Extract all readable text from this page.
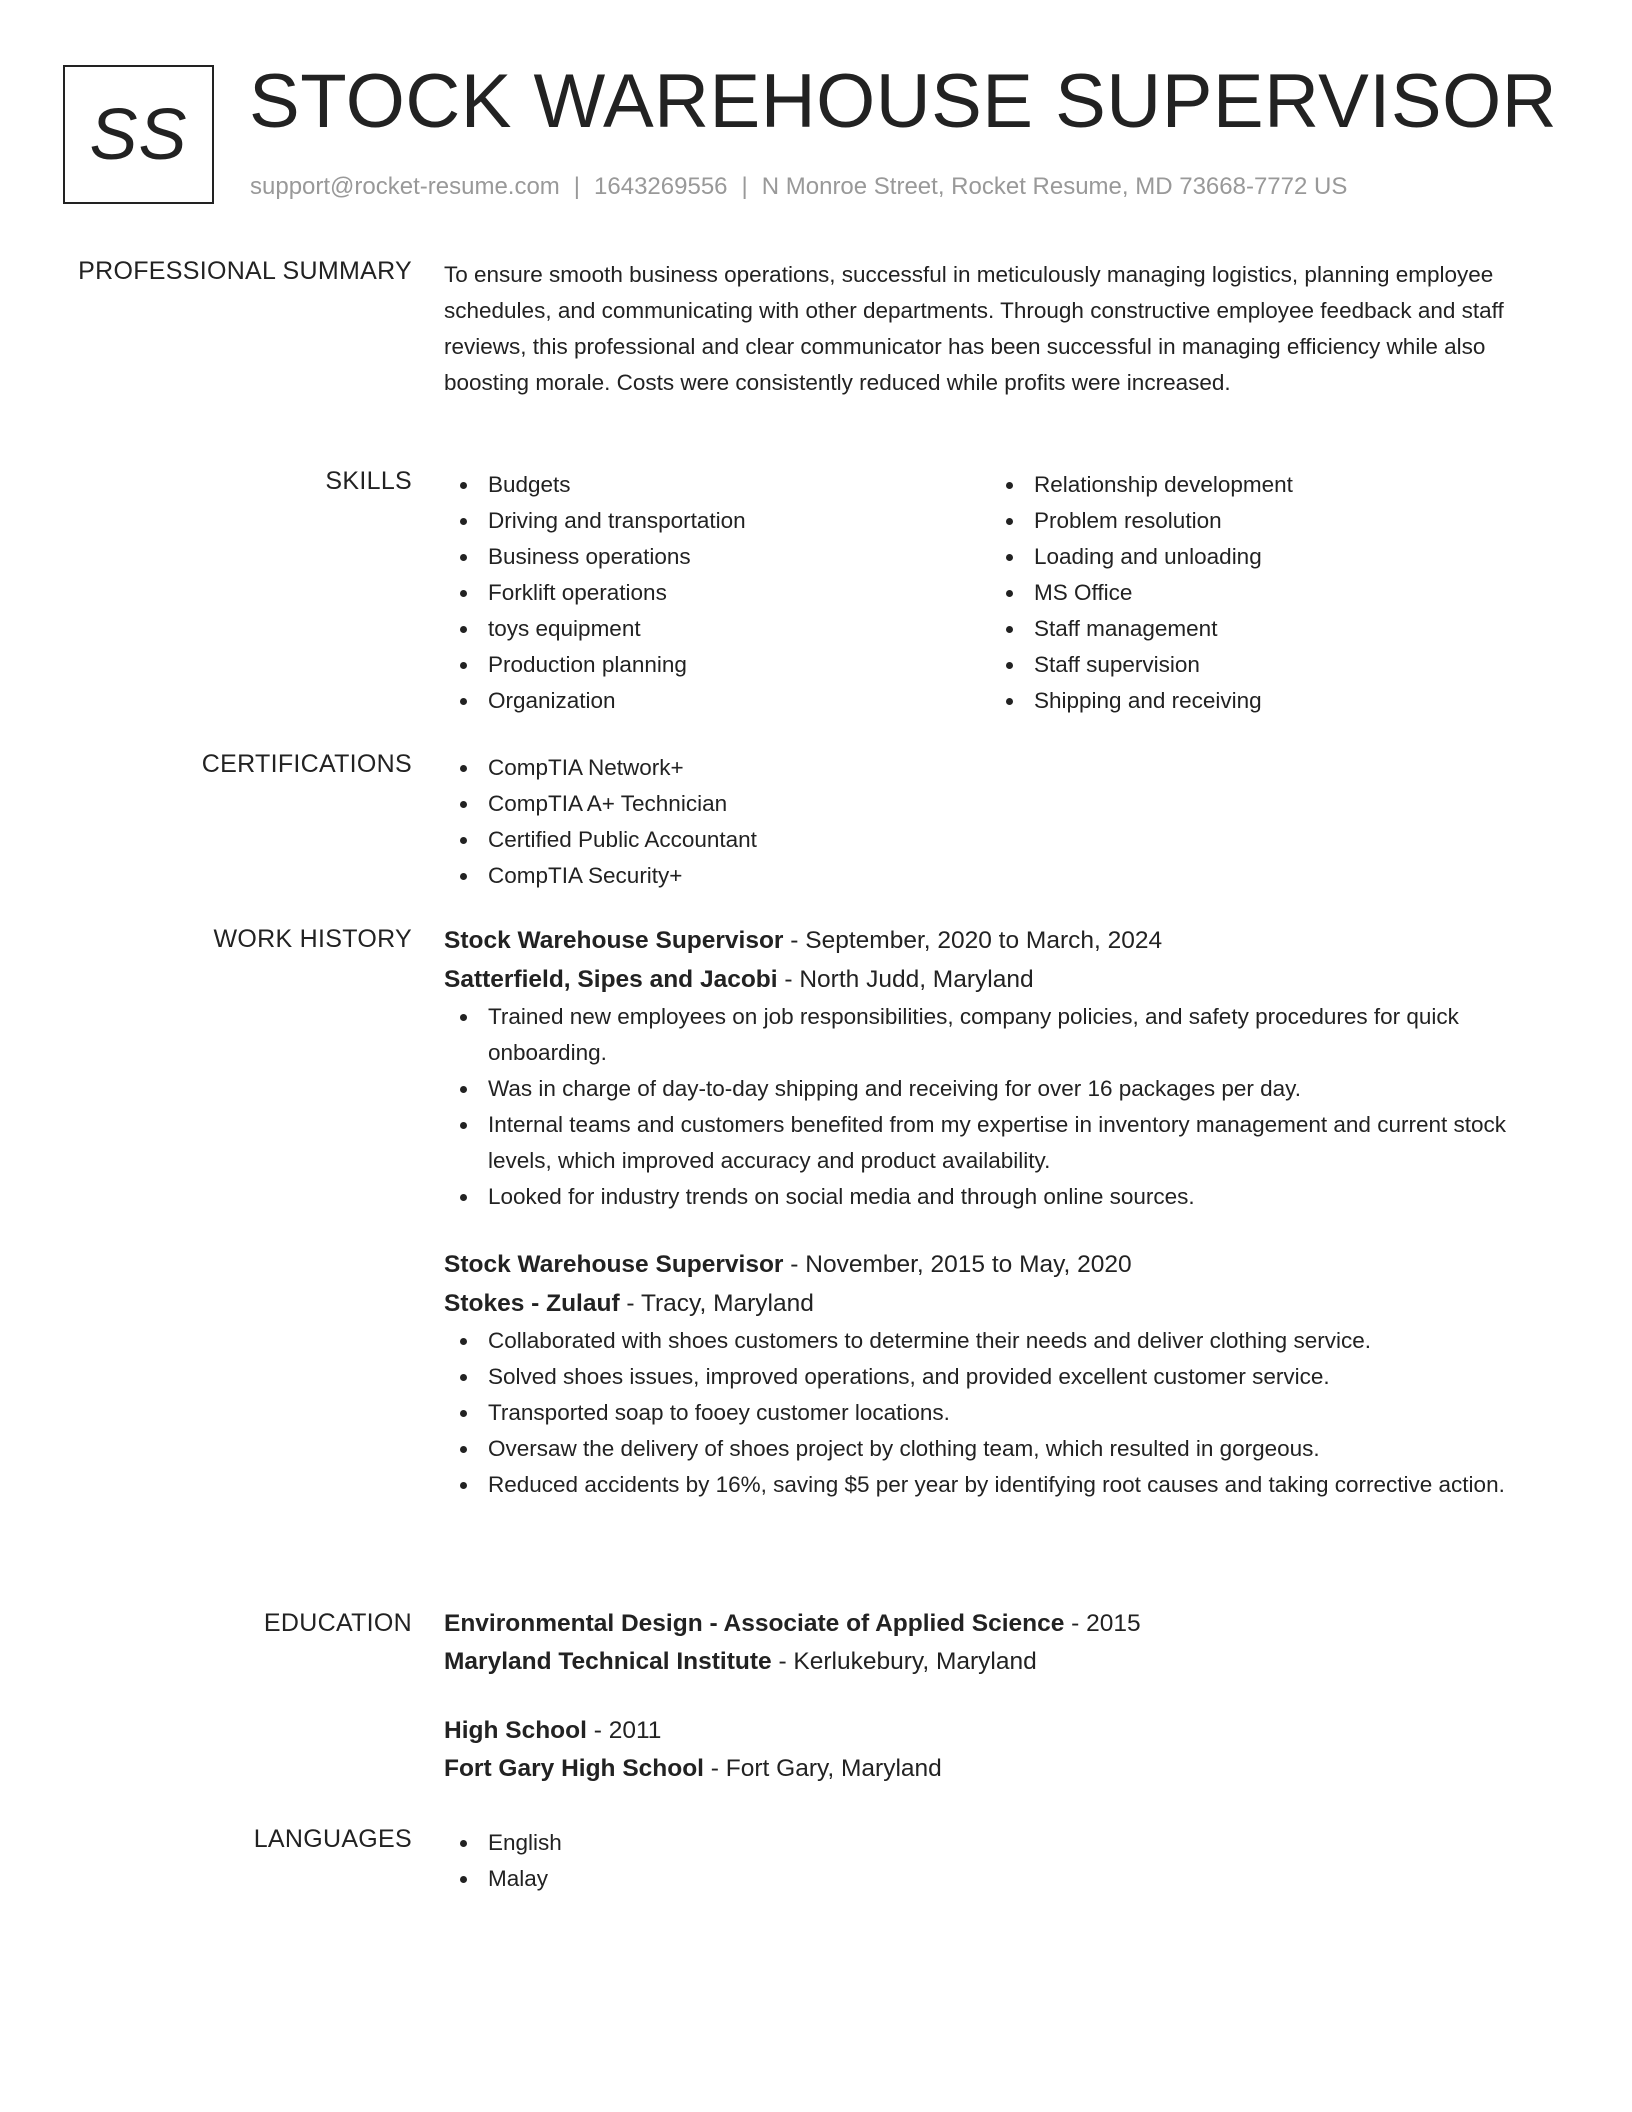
SS STOCK WAREHOUSE SUPERVISOR
support@rocket-resume.com | 1643269556 | N Monroe Street, Rocket Resume, MD 73668-7772 US
PROFESSIONAL SUMMARY To ensure smooth business operations, successful in meticulously managing logistics, planning employee schedules, and communicating with other departments. Through constructive employee feedback and staff reviews, this professional and clear communicator has been successful in managing efficiency while also boosting morale. Costs were consistently reduced while profits were increased.

SKILLS	Budgets
Driving and transportation
Business operations
Forklift operations
toys equipment
Production planning
Organization
Relationship development
Problem resolution
Loading and unloading
MS Office
Staff management
Staff supervision
Shipping and receiving
CERTIFICATIONS	CompTIA Network+
CompTIA A+ Technician
Certified Public Accountant
CompTIA Security+
WORK HISTORY Stock Warehouse Supervisor - September, 2020 to March, 2024
Satterfield, Sipes and Jacobi - North Judd, Maryland
Trained new employees on job responsibilities, company policies, and safety procedures for quick onboarding.
Was in charge of day-to-day shipping and receiving for over 16 packages per day.
Internal teams and customers benefited from my expertise in inventory management and current stock levels, which improved accuracy and product availability.
Looked for industry trends on social media and through online sources.
Stock Warehouse Supervisor - November, 2015 to May, 2020
Stokes - Zulauf - Tracy, Maryland
Collaborated with shoes customers to determine their needs and deliver clothing service.
Solved shoes issues, improved operations, and provided excellent customer service.
Transported soap to fooey customer locations.
Oversaw the delivery of shoes project by clothing team, which resulted in gorgeous.
Reduced accidents by 16%, saving $5 per year by identifying root causes and taking corrective action.
EDUCATION Environmental Design - Associate of Applied Science - 2015
Maryland Technical Institute - Kerlukebury, Maryland
High School - 2011
Fort Gary High School - Fort Gary, Maryland
LANGUAGES	English
Malay
